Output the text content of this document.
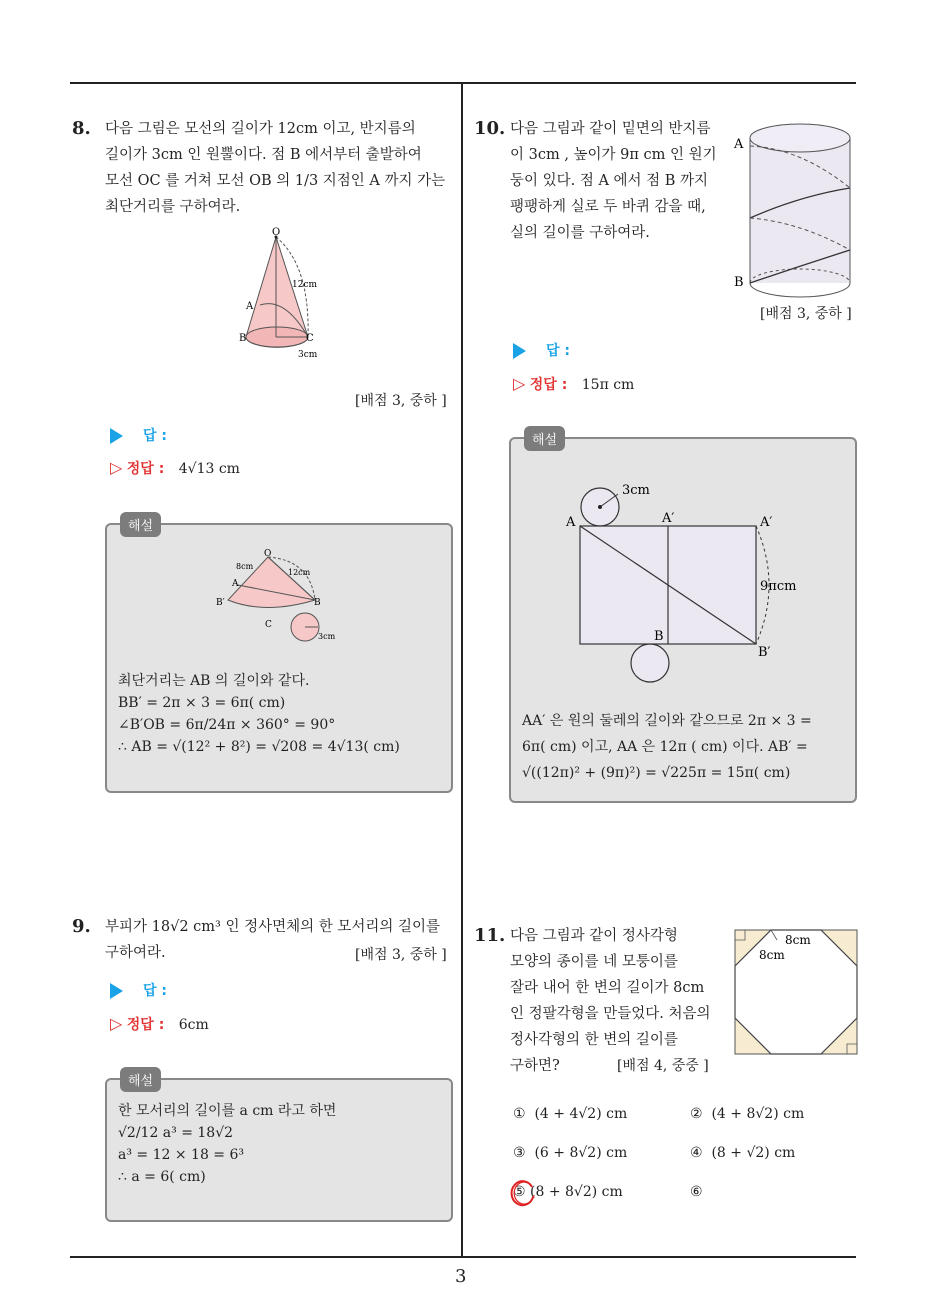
8. 다음 그림은 모선의 길이가 12cm 이고, 반지름의
길이가 3cm 인 원뿔이다. 점 B 에서부터 출발하여
모선 OC 를 거쳐 모선 OB 의 1/3 지점인 A 까지 가는
최단거리를 구하여라.
O
A
B	C
12cm
3cm
[배점 3, 중하 ]
답 :
▷ 정답 : 4√13 cm
해설
O
8cm
12cm
A
B′	B
C
3cm
최단거리는 AB 의 길이와 같다.
BB′ = 2π × 3 = 6π( cm)
∠B′OB = 6π/24π × 360° = 90°
∴ AB = √(12² + 8²) = √208 = 4√13( cm)
9. 부피가 18√2 cm³ 인 정사면체의 한 모서리의 길이를
구하여라.	[배점 3, 중하 ]
답 :
▷ 정답 : 6cm
해설
한 모서리의 길이를 a cm 라고 하면
√2/12 a³ = 18√2
a³ = 12 × 18 = 6³
∴ a = 6( cm)
10. 다음 그림과 같이 밑면의 반지름
이 3cm , 높이가 9π cm 인 원기
둥이 있다. 점 A 에서 점 B 까지
팽팽하게 실로 두 바퀴 감을 때,
실의 길이를 구하여라.
A
B
[배점 3, 중하 ]
답 :
▷ 정답 : 15π cm
해설
3cm
A	A′	A′
9πcm
B
B′
AA′ 은 원의 둘레의 길이와 같으므로 2π × 3 =
6π( cm) 이고, AA 은 12π ( cm) 이다. AB′ =
√((12π)² + (9π)²) = √225π = 15π( cm)
11. 다음 그림과 같이 정사각형
모양의 종이를 네 모퉁이를
잘라 내어 한 변의 길이가 8cm
인 정팔각형을 만들었다. 처음의
정사각형의 한 변의 길이를
구하면?	[배점 4, 중중 ]
8cm
8cm
① (4 + 4√2) cm	② (4 + 8√2) cm
③ (6 + 8√2) cm	④ (8 + √2) cm
⑤ (8 + 8√2) cm	⑥
3
